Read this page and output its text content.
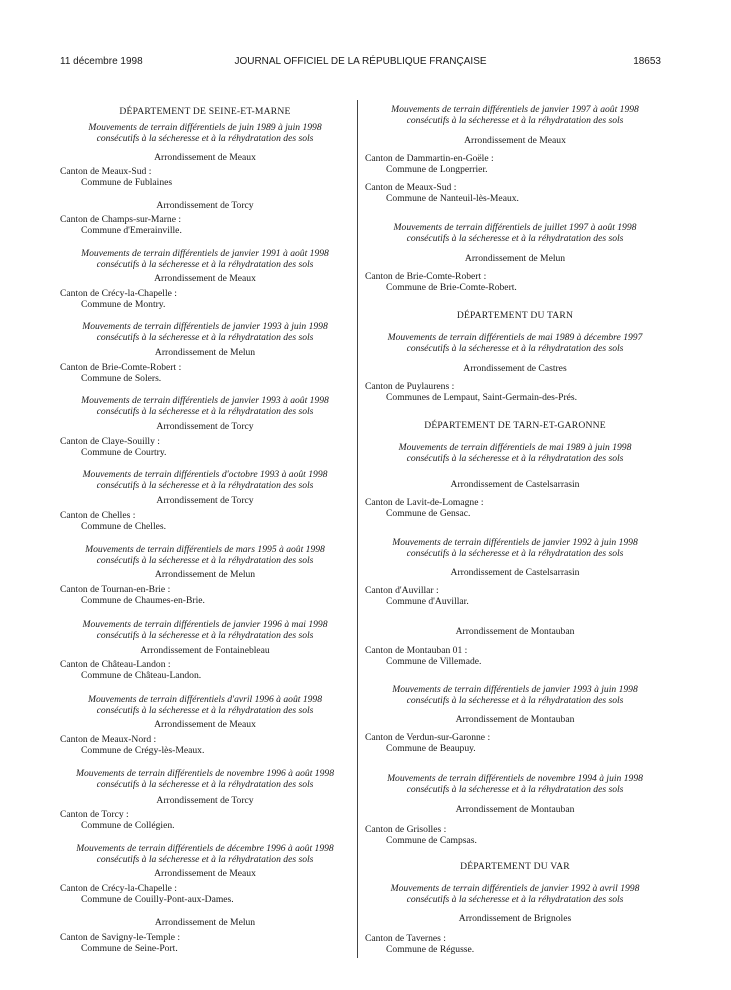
11 décembre 1998	JOURNAL OFFICIEL DE LA RÉPUBLIQUE FRANÇAISE	18653
DÉPARTEMENT DE SEINE-ET-MARNE
Mouvements de terrain différentiels de juin 1989 à juin 1998
consécutifs à la sécheresse et à la réhydratation des sols
Arrondissement de Meaux
Canton de Meaux-Sud :
Commune de Fublaines
Arrondissement de Torcy
Canton de Champs-sur-Marne :
Commune d'Emerainville.
Mouvements de terrain différentiels de janvier 1991 à août 1998
consécutifs à la sécheresse et à la réhydratation des sols
Arrondissement de Meaux
Canton de Crécy-la-Chapelle :
Commune de Montry.
Mouvements de terrain différentiels de janvier 1993 à juin 1998
consécutifs à la sécheresse et à la réhydratation des sols
Arrondissement de Melun
Canton de Brie-Comte-Robert :
Commune de Solers.
Mouvements de terrain différentiels de janvier 1993 à août 1998
consécutifs à la sécheresse et à la réhydratation des sols
Arrondissement de Torcy
Canton de Claye-Souilly :
Commune de Courtry.
Mouvements de terrain différentiels d'octobre 1993 à août 1998
consécutifs à la sécheresse et à la réhydratation des sols
Arrondissement de Torcy
Canton de Chelles :
Commune de Chelles.
Mouvements de terrain différentiels de mars 1995 à août 1998
consécutifs à la sécheresse et à la réhydratation des sols
Arrondissement de Melun
Canton de Tournan-en-Brie :
Commune de Chaumes-en-Brie.
Mouvements de terrain différentiels de janvier 1996 à mai 1998
consécutifs à la sécheresse et à la réhydratation des sols
Arrondissement de Fontainebleau
Canton de Château-Landon :
Commune de Château-Landon.
Mouvements de terrain différentiels d'avril 1996 à août 1998
consécutifs à la sécheresse et à la réhydratation des sols
Arrondissement de Meaux
Canton de Meaux-Nord :
Commune de Crégy-lès-Meaux.
Mouvements de terrain différentiels de novembre 1996 à août 1998
consécutifs à la sécheresse et à la réhydratation des sols
Arrondissement de Torcy
Canton de Torcy :
Commune de Collégien.
Mouvements de terrain différentiels de décembre 1996 à août 1998
consécutifs à la sécheresse et à la réhydratation des sols
Arrondissement de Meaux
Canton de Crécy-la-Chapelle :
Commune de Couilly-Pont-aux-Dames.
Arrondissement de Melun
Canton de Savigny-le-Temple :
Commune de Seine-Port.
Mouvements de terrain différentiels de janvier 1997 à août 1998
consécutifs à la sécheresse et à la réhydratation des sols
Arrondissement de Meaux
Canton de Dammartin-en-Goële :
Commune de Longperrier.
Canton de Meaux-Sud :
Commune de Nanteuil-lès-Meaux.
Mouvements de terrain différentiels de juillet 1997 à août 1998
consécutifs à la sécheresse et à la réhydratation des sols
Arrondissement de Melun
Canton de Brie-Comte-Robert :
Commune de Brie-Comte-Robert.
DÉPARTEMENT DU TARN
Mouvements de terrain différentiels de mai 1989 à décembre 1997
consécutifs à la sécheresse et à la réhydratation des sols
Arrondissement de Castres
Canton de Puylaurens :
Communes de Lempaut, Saint-Germain-des-Prés.
DÉPARTEMENT DE TARN-ET-GARONNE
Mouvements de terrain différentiels de mai 1989 à juin 1998
consécutifs à la sécheresse et à la réhydratation des sols
Arrondissement de Castelsarrasin
Canton de Lavit-de-Lomagne :
Commune de Gensac.
Mouvements de terrain différentiels de janvier 1992 à juin 1998
consécutifs à la sécheresse et à la réhydratation des sols
Arrondissement de Castelsarrasin
Canton d'Auvillar :
Commune d'Auvillar.
Arrondissement de Montauban
Canton de Montauban 01 :
Commune de Villemade.
Mouvements de terrain différentiels de janvier 1993 à juin 1998
consécutifs à la sécheresse et à la réhydratation des sols
Arrondissement de Montauban
Canton de Verdun-sur-Garonne :
Commune de Beaupuy.
Mouvements de terrain différentiels de novembre 1994 à juin 1998
consécutifs à la sécheresse et à la réhydratation des sols
Arrondissement de Montauban
Canton de Grisolles :
Commune de Campsas.
DÉPARTEMENT DU VAR
Mouvements de terrain différentiels de janvier 1992 à avril 1998
consécutifs à la sécheresse et à la réhydratation des sols
Arrondissement de Brignoles
Canton de Tavernes :
Commune de Régusse.
